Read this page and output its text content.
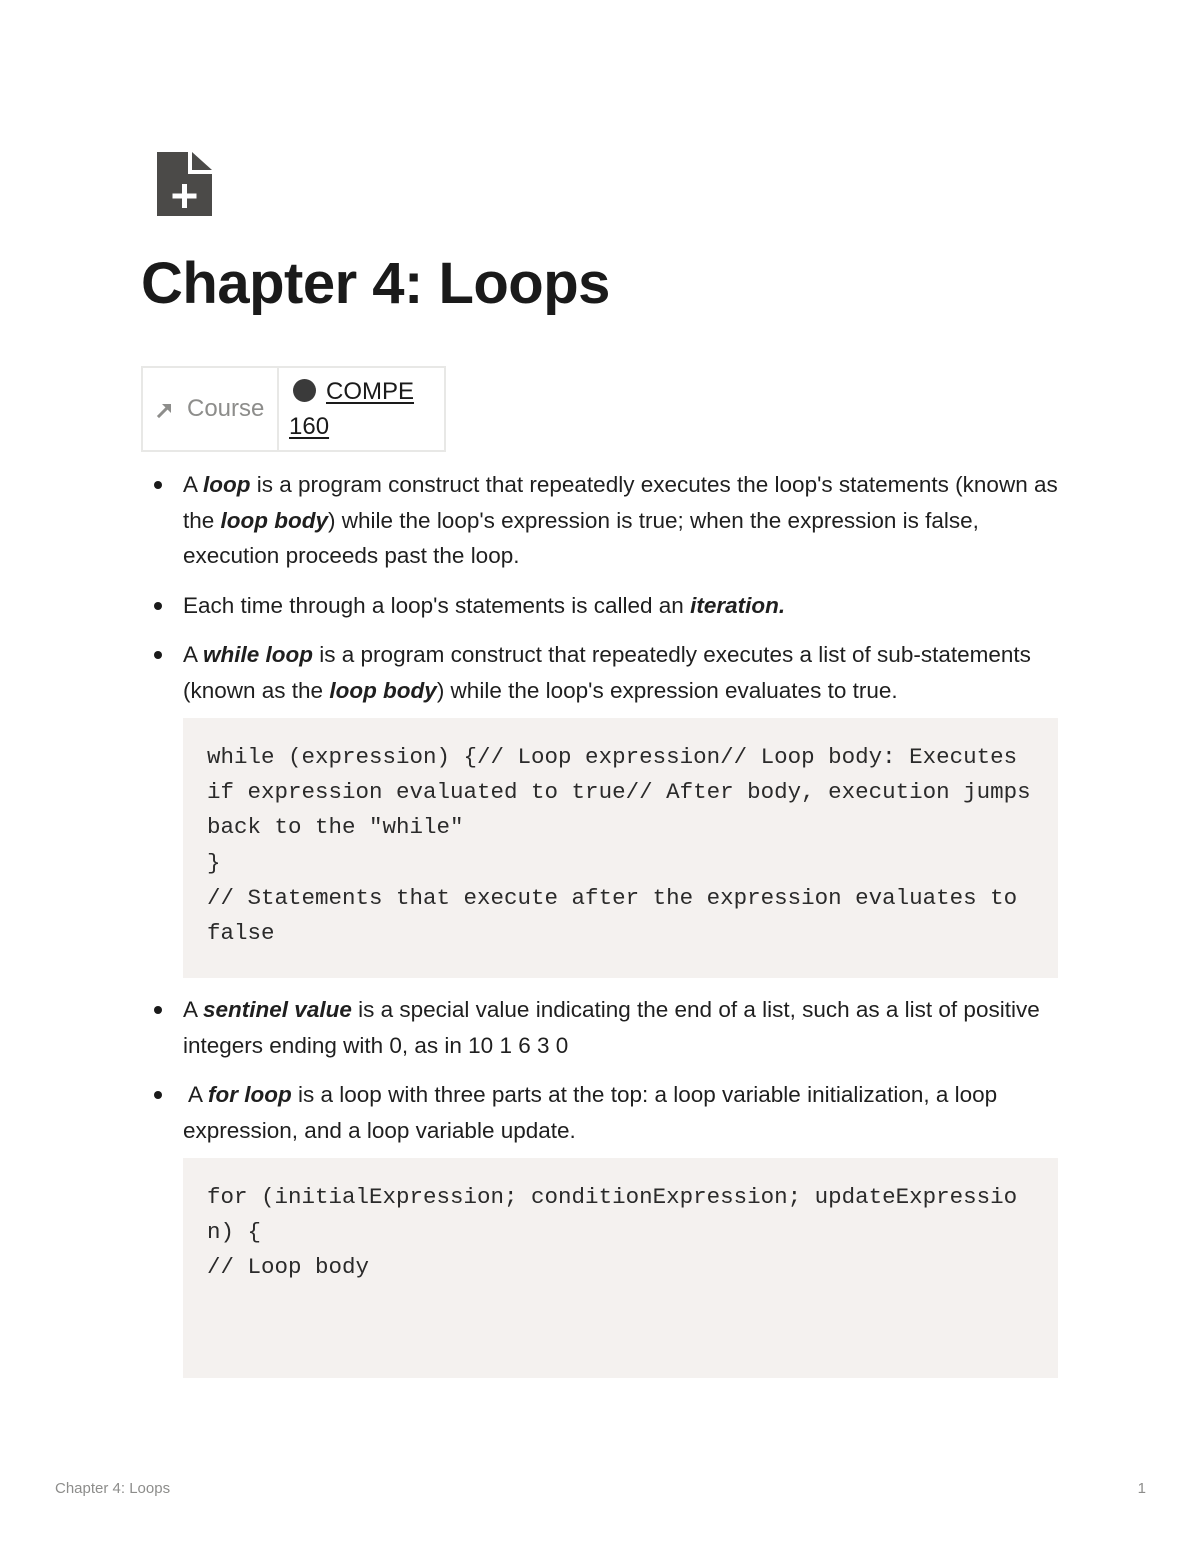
Chapter 4: Loops
Course

COMPE 160
A loop is a program construct that repeatedly executes the loop's statements (known as the loop body) while the loop's expression is true; when the expression is false, execution proceeds past the loop.
Each time through a loop's statements is called an iteration.
A while loop is a program construct that repeatedly executes a list of sub-statements (known as the loop body) while the loop's expression evaluates to true.
while (expression) {// Loop expression// Loop body: Executes if expression evaluated to true// After body, execution jumps back to the "while"
}
// Statements that execute after the expression evaluates to false
A sentinel value is a special value indicating the end of a list, such as a list of positive integers ending with 0, as in 10 1 6 3 0
A for loop is a loop with three parts at the top: a loop variable initialization, a loop expression, and a loop variable update.
for (initialExpression; conditionExpression; updateExpression) {
// Loop body
Chapter 4: Loops	1
